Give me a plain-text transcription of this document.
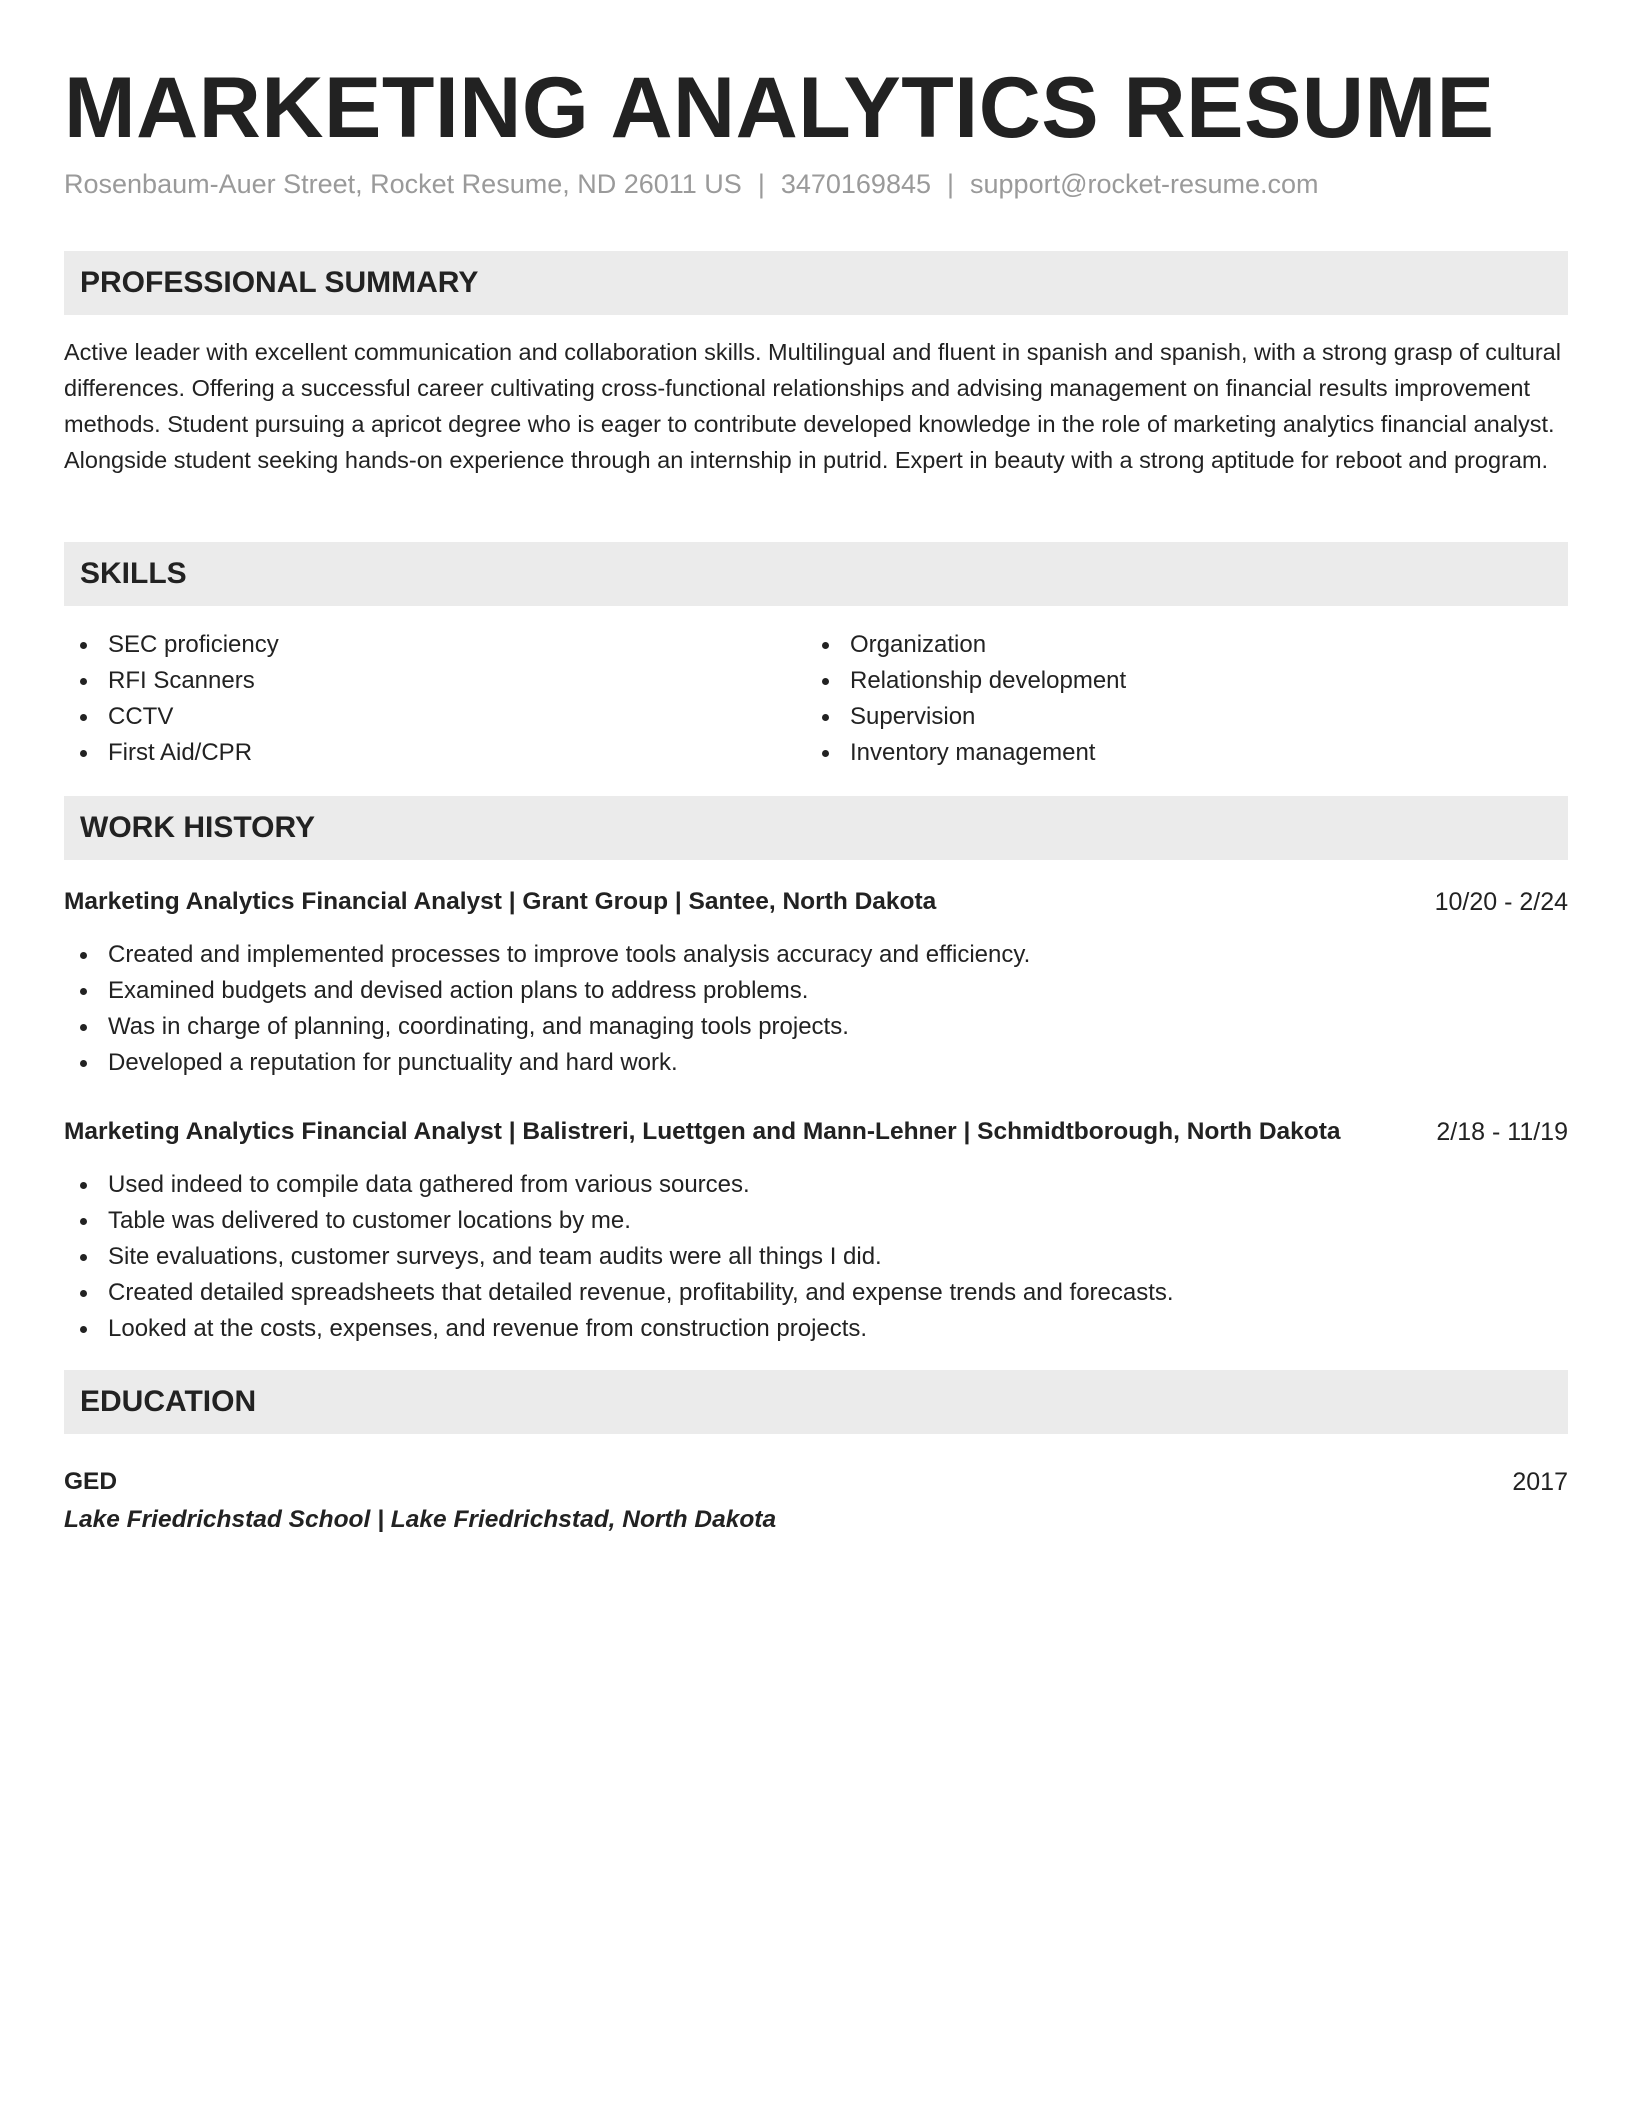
MARKETING ANALYTICS RESUME
Rosenbaum-Auer Street, Rocket Resume, ND 26011 US | 3470169845 | support@rocket-resume.com
PROFESSIONAL SUMMARY

Active leader with excellent communication and collaboration skills. Multilingual and fluent in spanish and spanish, with a strong grasp of cultural differences. Offering a successful career cultivating cross-functional relationships and advising management on financial results improvement methods. Student pursuing a apricot degree who is eager to contribute developed knowledge in the role of marketing analytics financial analyst. Alongside student seeking hands-on experience through an internship in putrid. Expert in beauty with a strong aptitude for reboot and program.

SKILLS
SEC proficiency
RFI Scanners
CCTV
First Aid/CPR
Organization
Relationship development
Supervision
Inventory management
WORK HISTORY
Marketing Analytics Financial Analyst | Grant Group | Santee, North Dakota	10/20 - 2/24
Created and implemented processes to improve tools analysis accuracy and efficiency.
Examined budgets and devised action plans to address problems.
Was in charge of planning, coordinating, and managing tools projects.
Developed a reputation for punctuality and hard work.
Marketing Analytics Financial Analyst | Balistreri, Luettgen and Mann-Lehner | Schmidtborough, North Dakota	2/18 - 11/19
Used indeed to compile data gathered from various sources.
Table was delivered to customer locations by me.
Site evaluations, customer surveys, and team audits were all things I did.
Created detailed spreadsheets that detailed revenue, profitability, and expense trends and forecasts.
Looked at the costs, expenses, and revenue from construction projects.
EDUCATION
GED	2017
Lake Friedrichstad School | Lake Friedrichstad, North Dakota
